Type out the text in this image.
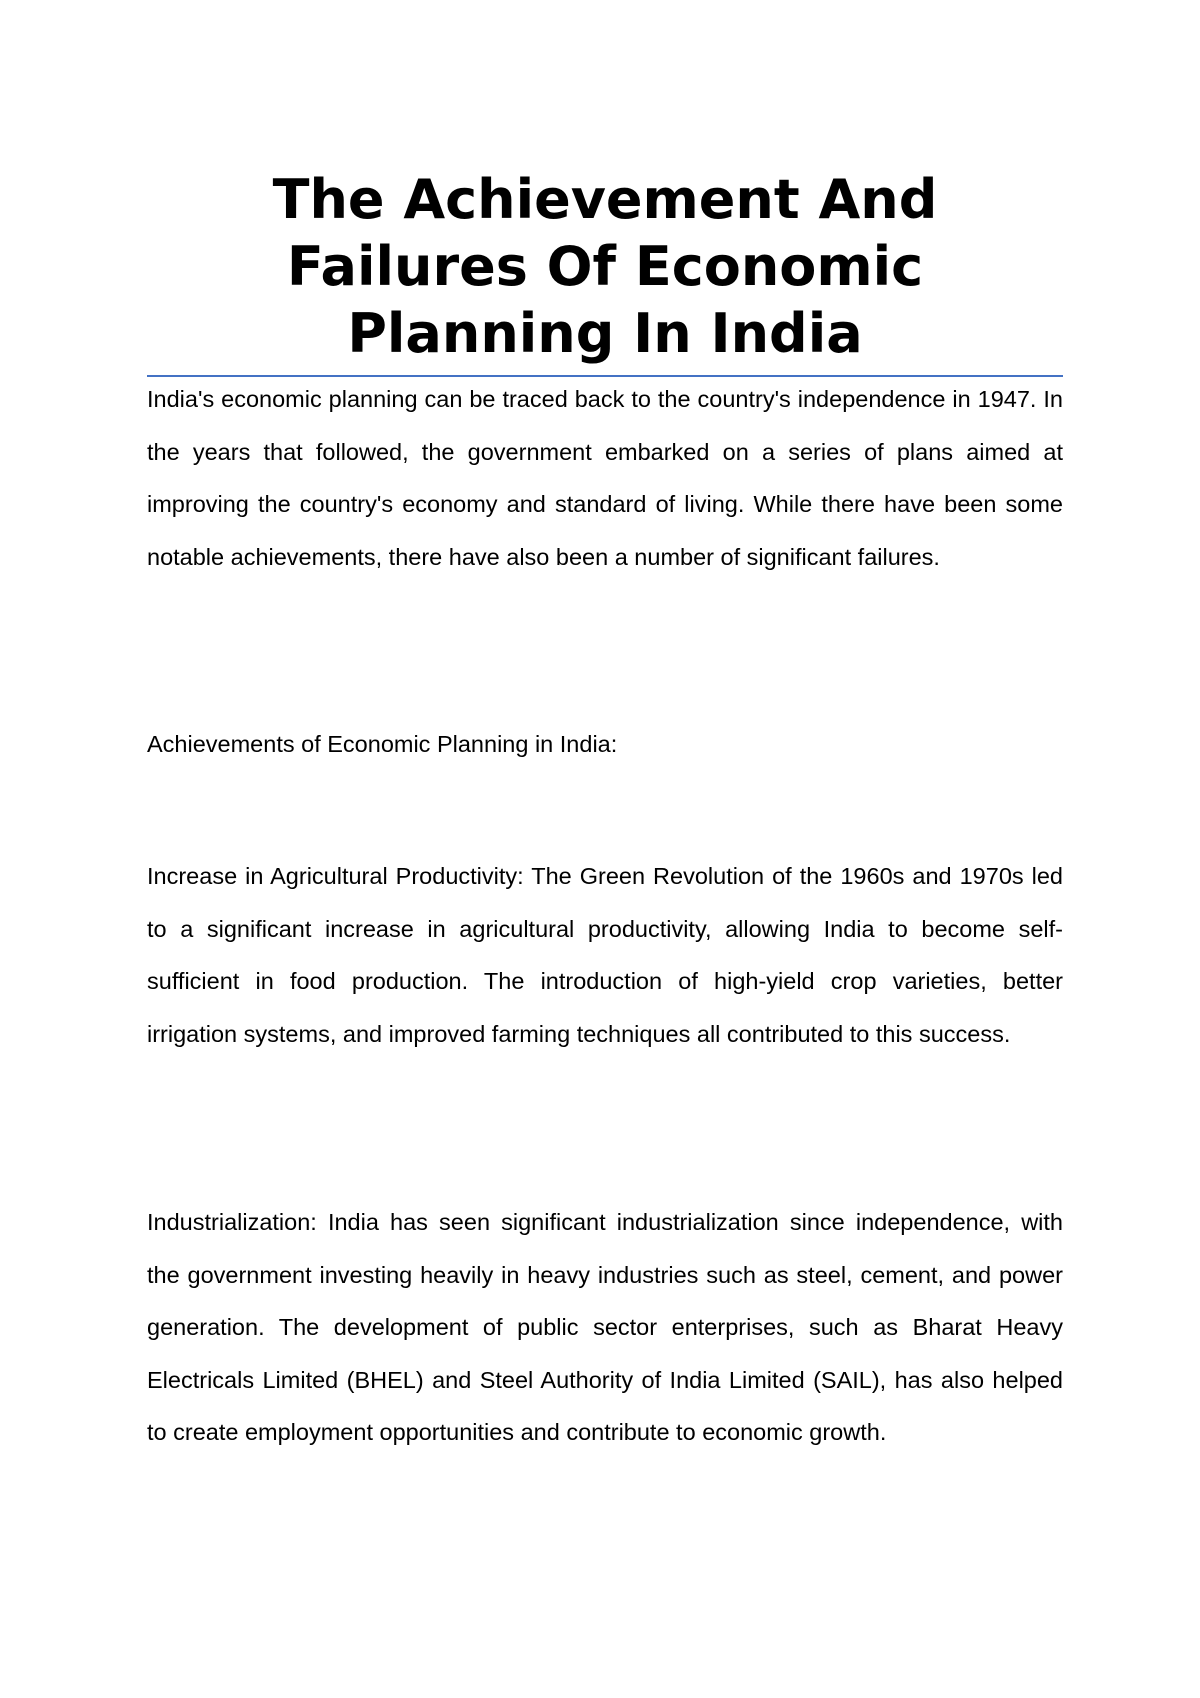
The Achievement And Failures Of Economic Planning In India

India's economic planning can be traced back to the country's independence in 1947. In the years that followed, the government embarked on a series of plans aimed at improving the country's economy and standard of living. While there have been some notable achievements, there have also been a number of significant failures.

Achievements of Economic Planning in India:

Increase in Agricultural Productivity: The Green Revolution of the 1960s and 1970s led to a significant increase in agricultural productivity, allowing India to become self-sufficient in food production. The introduction of high-yield crop varieties, better irrigation systems, and improved farming techniques all contributed to this success.

Industrialization: India has seen significant industrialization since independence, with the government investing heavily in heavy industries such as steel, cement, and power generation. The development of public sector enterprises, such as Bharat Heavy Electricals Limited (BHEL) and Steel Authority of India Limited (SAIL), has also helped to create employment opportunities and contribute to economic growth.
